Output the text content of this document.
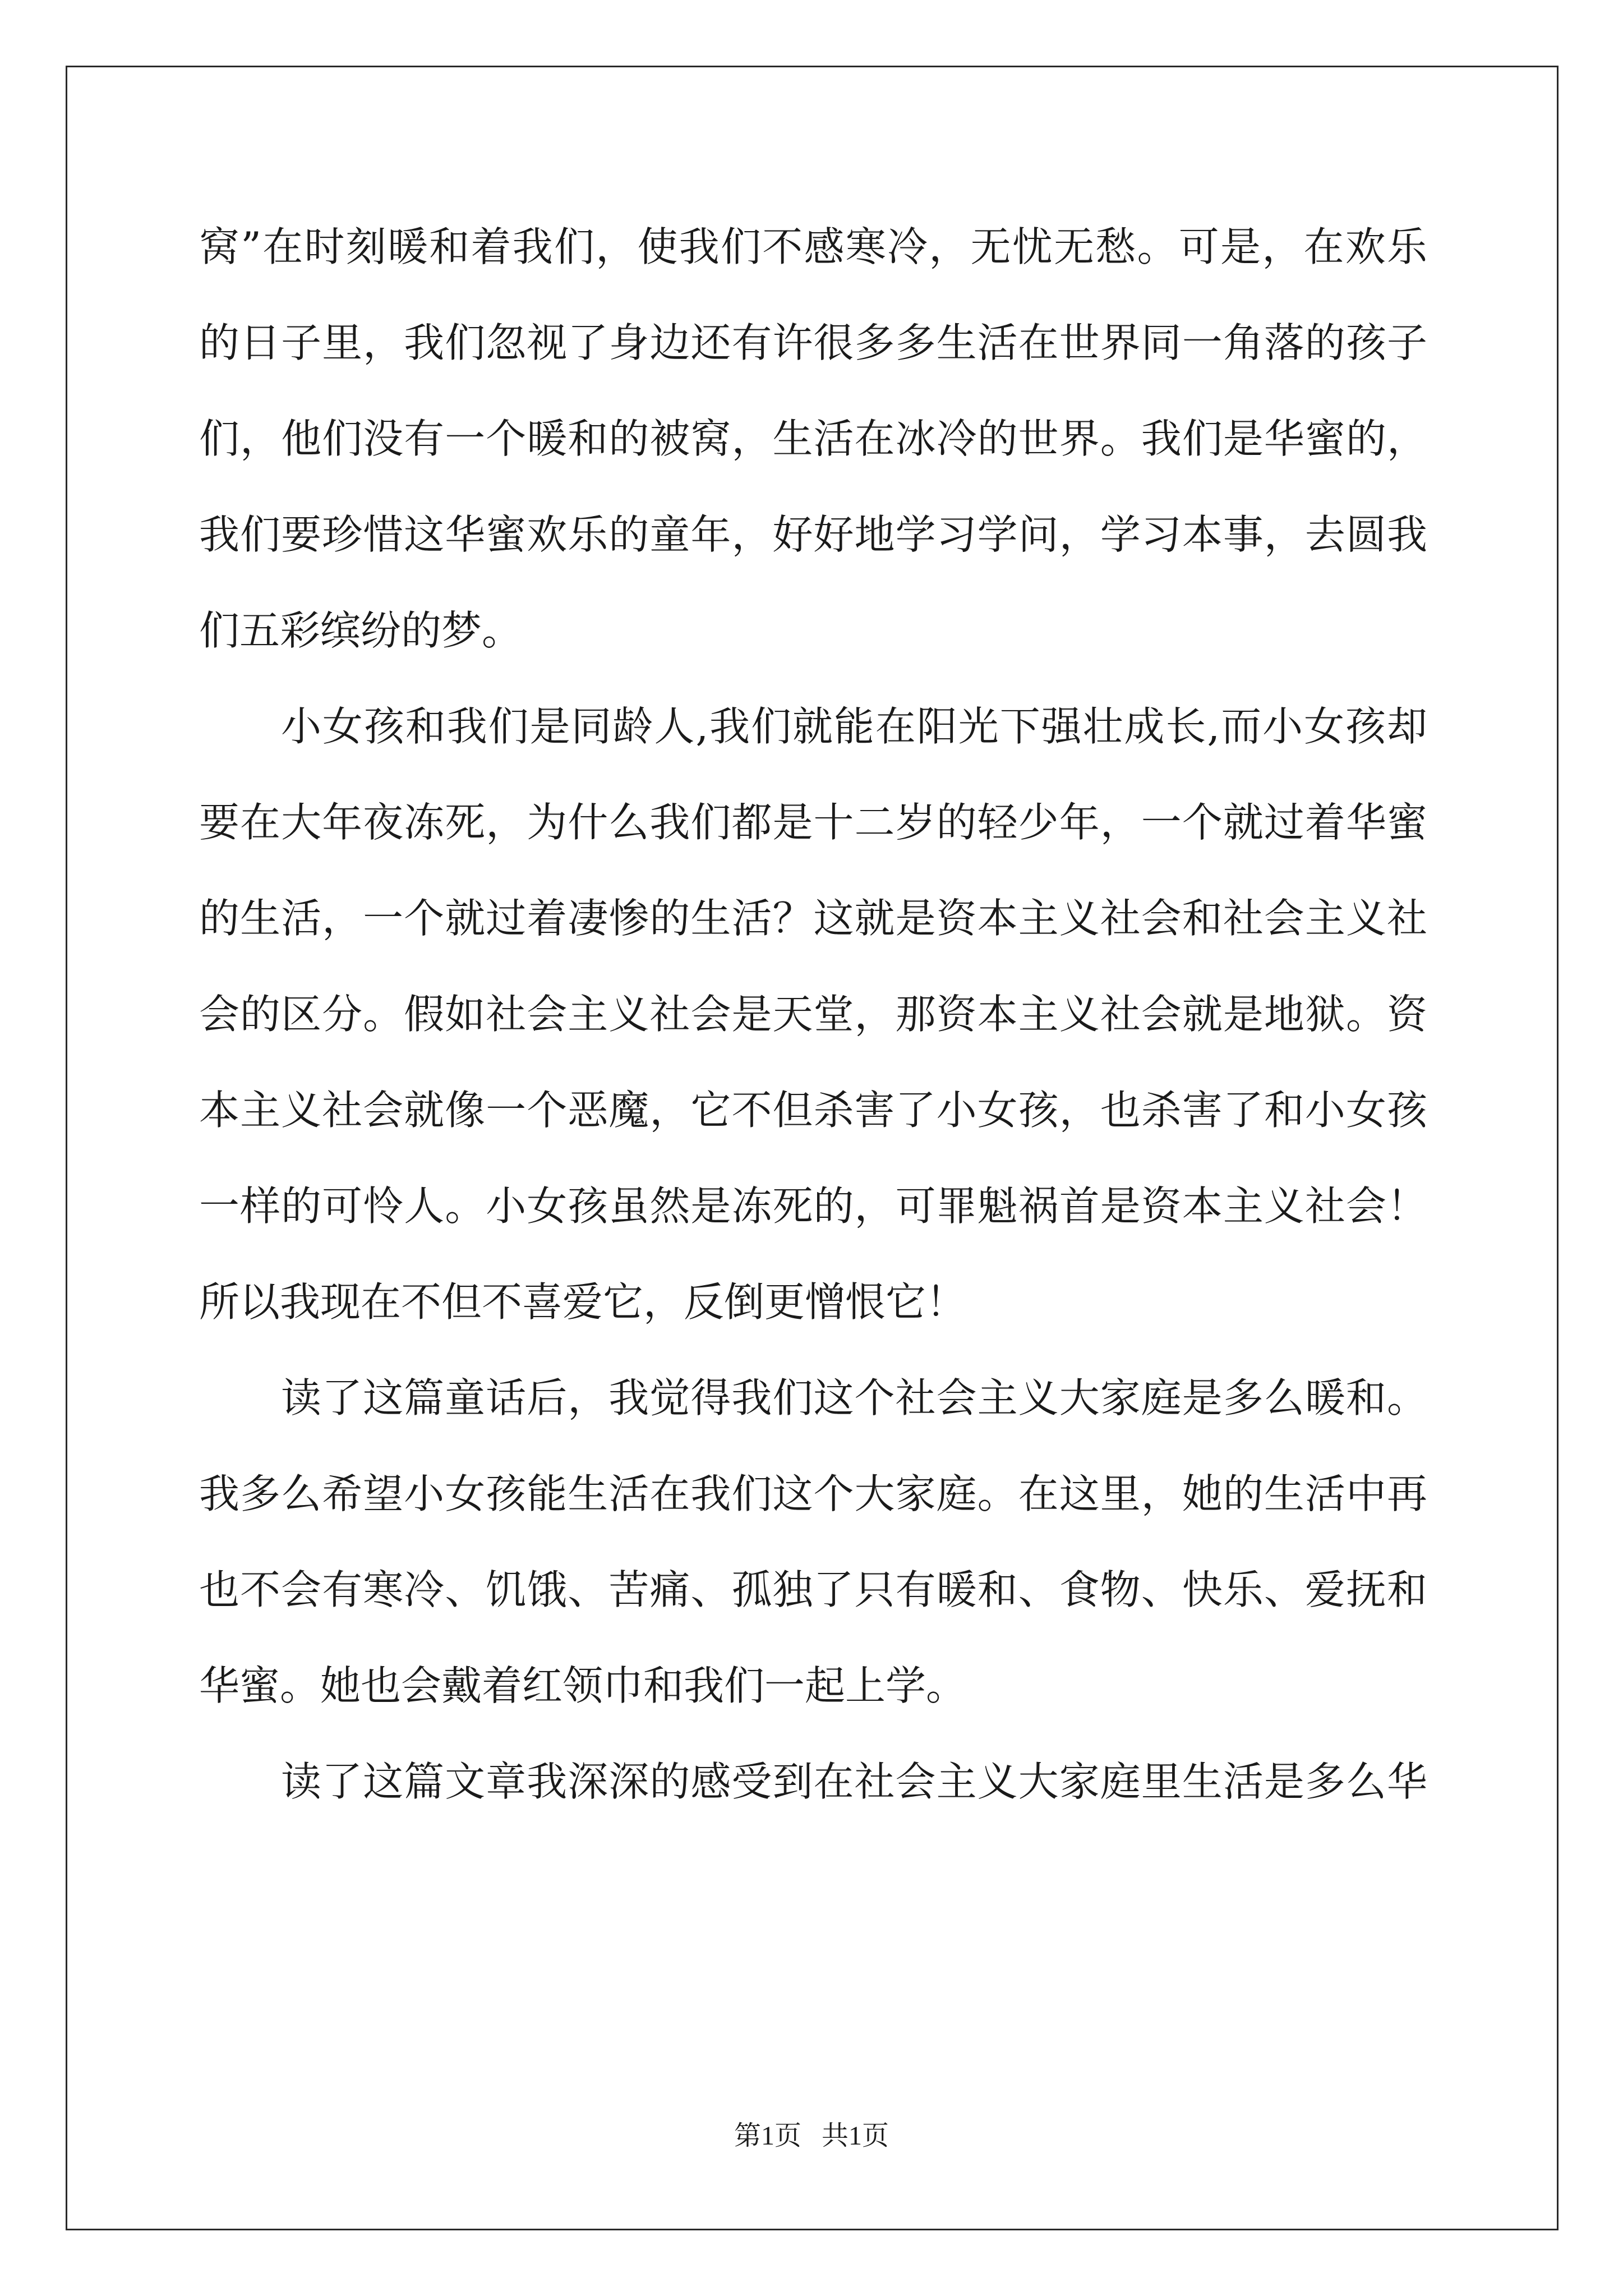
窝”在时刻暖和着我们，使我们不感寒冷，无忧无愁。可是，在欢乐
的日子里，我们忽视了身边还有许很多多生活在世界同一角落的孩子
们，他们没有一个暖和的被窝，生活在冰冷的世界。我们是华蜜的，
我们要珍惜这华蜜欢乐的童年，好好地学习学问，学习本事，去圆我
们五彩缤纷的梦。
小女孩和我们是同龄人,我们就能在阳光下强壮成长,而小女孩却
要在大年夜冻死，为什么我们都是十二岁的轻少年，一个就过着华蜜
的生活，一个就过着凄惨的生活？这就是资本主义社会和社会主义社
会的区分。假如社会主义社会是天堂，那资本主义社会就是地狱。资
本主义社会就像一个恶魔，它不但杀害了小女孩，也杀害了和小女孩
一样的可怜人。小女孩虽然是冻死的，可罪魁祸首是资本主义社会！
所以我现在不但不喜爱它，反倒更憎恨它！
读了这篇童话后，我觉得我们这个社会主义大家庭是多么暖和。
我多么希望小女孩能生活在我们这个大家庭。在这里，她的生活中再
也不会有寒冷、饥饿、苦痛、孤独了只有暖和、食物、快乐、爱抚和
华蜜。她也会戴着红领巾和我们一起上学。
读了这篇文章我深深的感受到在社会主义大家庭里生活是多么华
第1页   共1页
